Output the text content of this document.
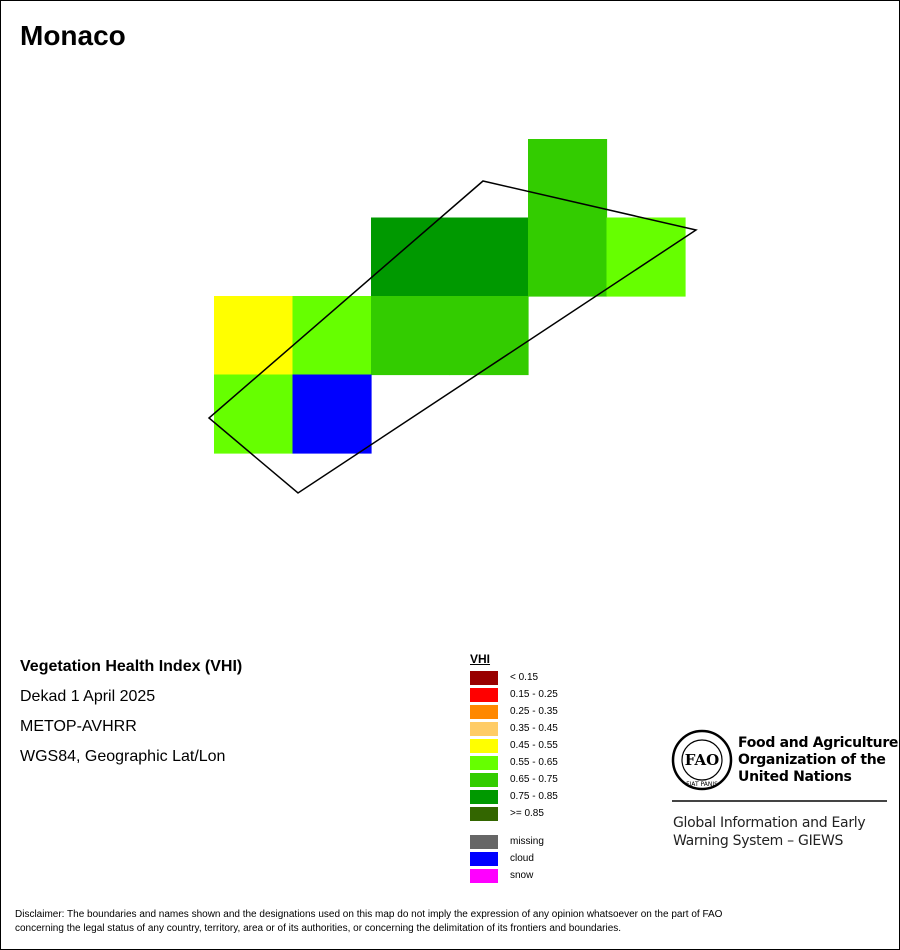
Monaco
Vegetation Health Index (VHI)
Dekad 1 April 2025
METOP-AVHRR
WGS84, Geographic Lat/Lon
VHI
< 0.15
0.15 - 0.25
0.25 - 0.35
0.35 - 0.45
0.45 - 0.55
0.55 - 0.65
0.65 - 0.75
0.75 - 0.85
>= 0.85
missing
cloud
snow
FAO
FIAT PANIS
Food and Agriculture
Organization of the
United Nations
Global Information and Early
Warning System – GIEWS
Disclaimer: The boundaries and names shown and the designations used on this map do not imply the expression of any opinion whatsoever on the part of FAO
concerning the legal status of any country, territory, area or of its authorities, or concerning the delimitation of its frontiers and boundaries.
